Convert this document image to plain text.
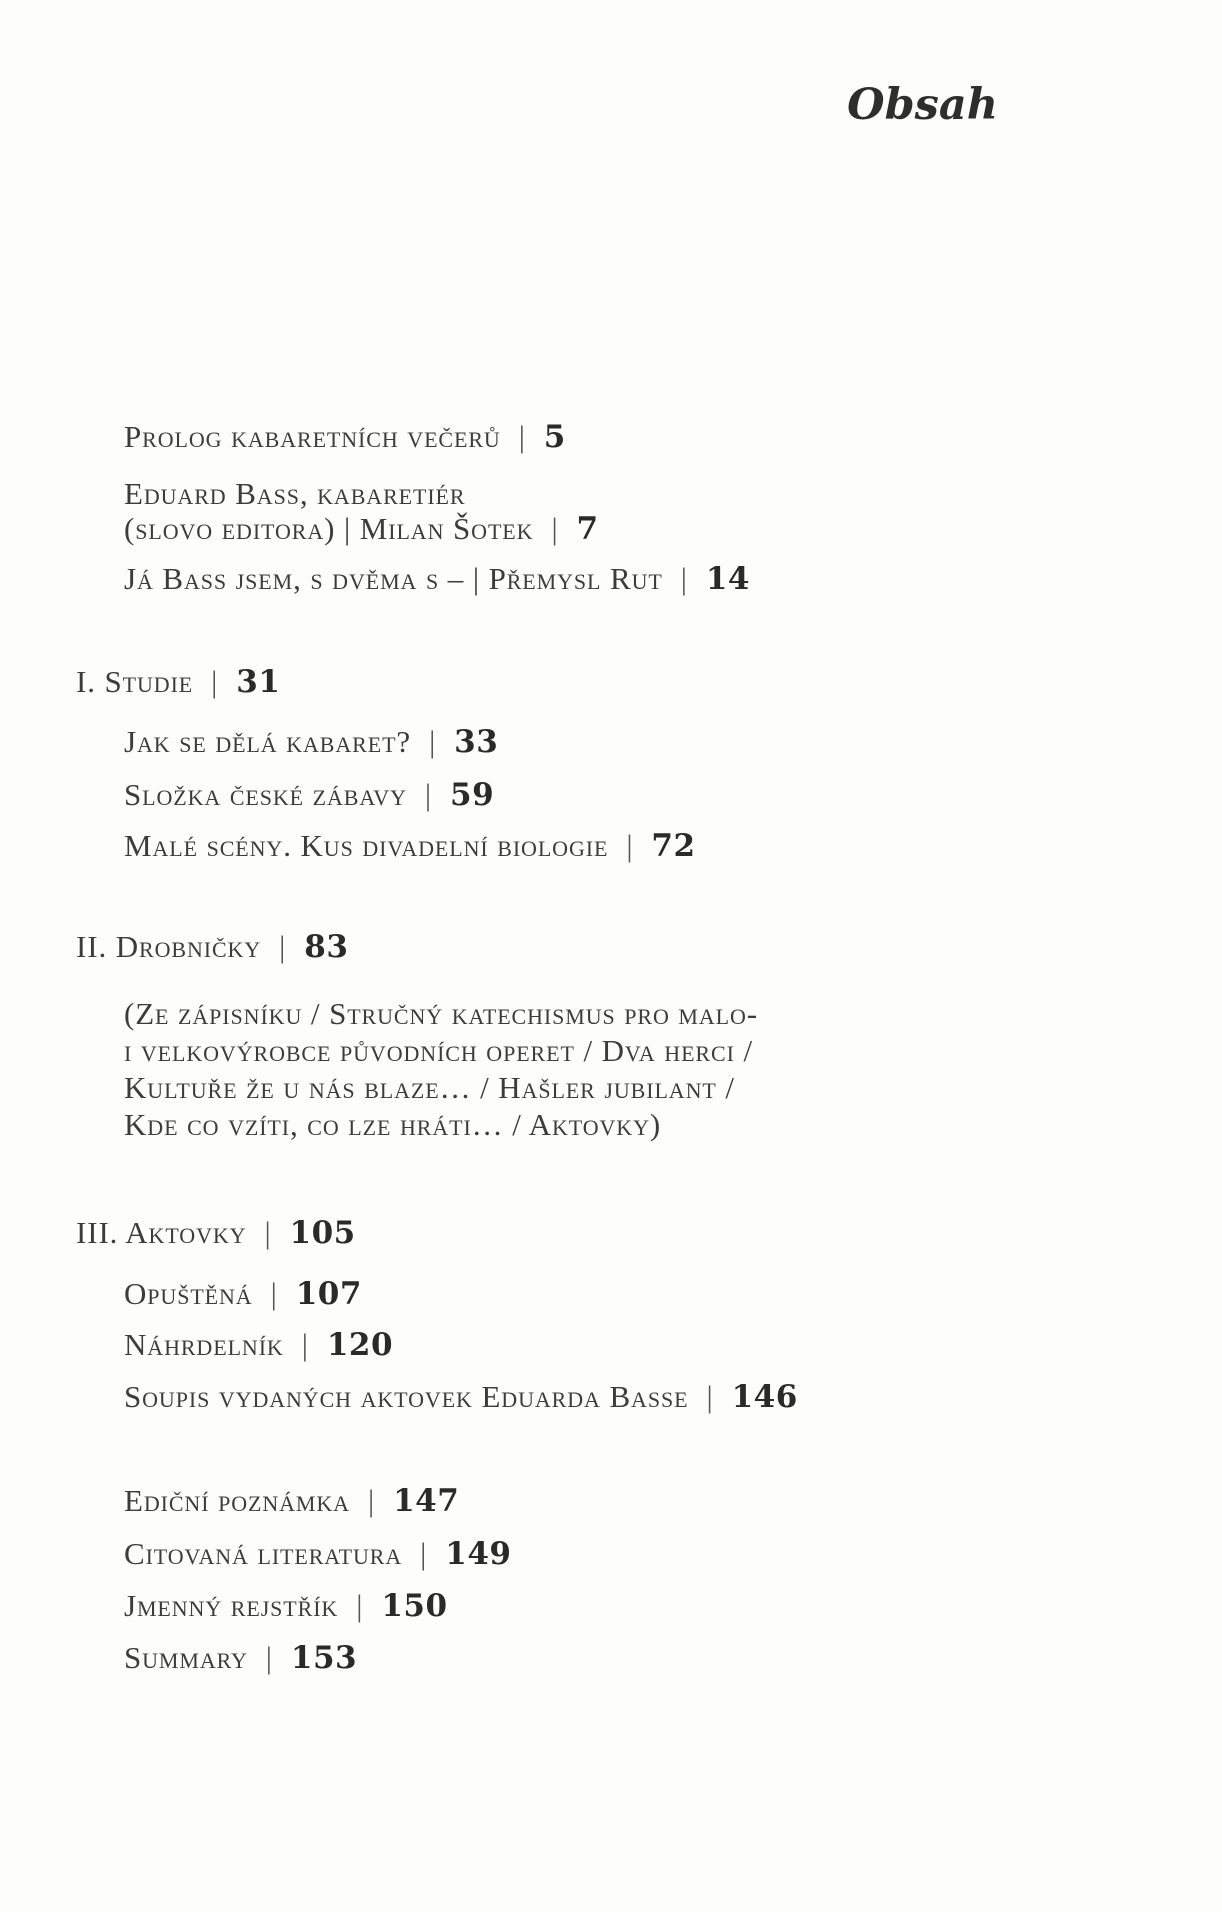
Obsah
Prolog kabaretních večerů | 5
Eduard Bass, kabaretiér
(slovo editora) | Milan Šotek | 7
Já Bass jsem, s dvěma s – | Přemysl Rut | 14
I. Studie | 31
Jak se dělá kabaret? | 33
Složka české zábavy | 59
Malé scény. Kus divadelní biologie | 72
II. Drobničky | 83
(Ze zápisníku / Stručný katechismus pro malo-
i velkovýrobce původních operet / Dva herci /
Kultuře že u nás blaze… / Hašler jubilant /
Kde co vzíti, co lze hráti… / Aktovky)
III. Aktovky | 105
Opuštěná | 107
Náhrdelník | 120
Soupis vydaných aktovek Eduarda Basse | 146
Ediční poznámka | 147
Citovaná literatura | 149
Jmenný rejstřík | 150
Summary | 153
